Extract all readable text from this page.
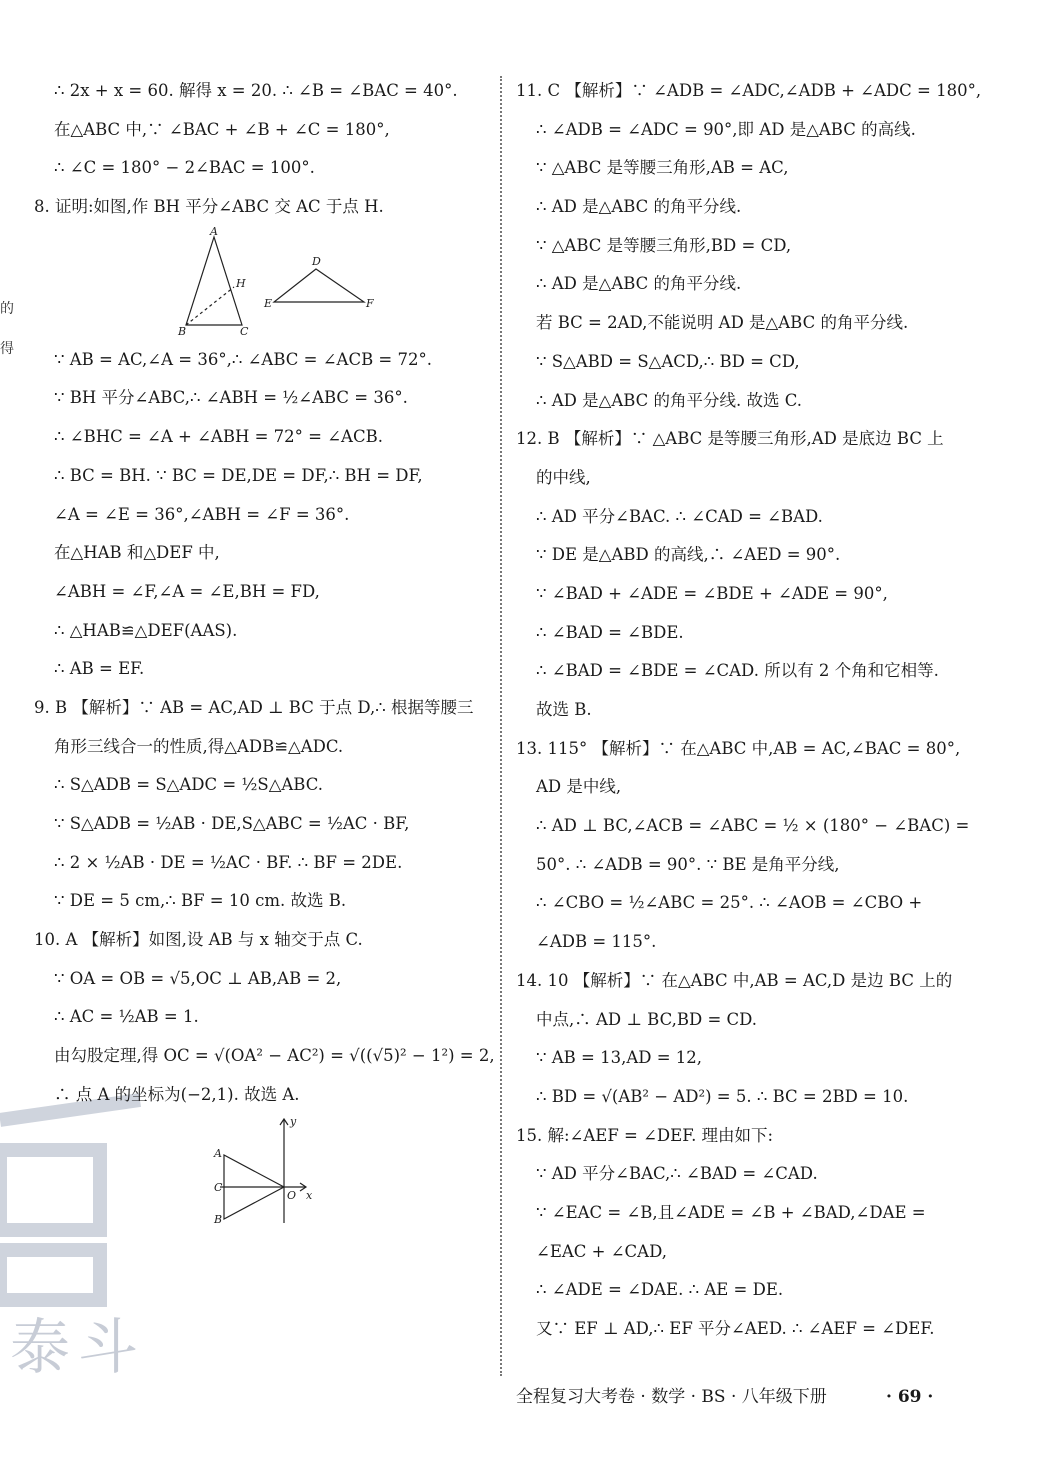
的
得
泰斗
∴ 2x + x = 60. 解得 x = 20. ∴ ∠B = ∠BAC = 40°.
在△ABC 中,∵ ∠BAC + ∠B + ∠C = 180°,
∴ ∠C = 180° − 2∠BAC = 100°.
8. 证明:如图,作 BH 平分∠ABC 交 AC 于点 H.
A
B	C
H
D
E	F
∵ AB = AC,∠A = 36°,∴ ∠ABC = ∠ACB = 72°.
∵ BH 平分∠ABC,∴ ∠ABH = ½∠ABC = 36°.
∴ ∠BHC = ∠A + ∠ABH = 72° = ∠ACB.
∴ BC = BH. ∵ BC = DE,DE = DF,∴ BH = DF,
∠A = ∠E = 36°,∠ABH = ∠F = 36°.
在△HAB 和△DEF 中,
∠ABH = ∠F,∠A = ∠E,BH = FD,
∴ △HAB≌△DEF(AAS).
∴ AB = EF.
9. B 【解析】∵ AB = AC,AD ⊥ BC 于点 D,∴ 根据等腰三
角形三线合一的性质,得△ADB≌△ADC.
∴ S△ADB = S△ADC = ½S△ABC.
∵ S△ADB = ½AB · DE,S△ABC = ½AC · BF,
∴ 2 × ½AB · DE = ½AC · BF. ∴ BF = 2DE.
∵ DE = 5 cm,∴ BF = 10 cm. 故选 B.
10. A 【解析】如图,设 AB 与 x 轴交于点 C.
∵ OA = OB = √5,OC ⊥ AB,AB = 2,
∴ AC = ½AB = 1.
由勾股定理,得 OC = √(OA² − AC²) = √((√5)² − 1²) = 2,
∴ 点 A 的坐标为(−2,1). 故选 A.
A
B
C
O x
y
11. C 【解析】∵ ∠ADB = ∠ADC,∠ADB + ∠ADC = 180°,
∴ ∠ADB = ∠ADC = 90°,即 AD 是△ABC 的高线.
∵ △ABC 是等腰三角形,AB = AC,
∴ AD 是△ABC 的角平分线.
∵ △ABC 是等腰三角形,BD = CD,
∴ AD 是△ABC 的角平分线.
若 BC = 2AD,不能说明 AD 是△ABC 的角平分线.
∵ S△ABD = S△ACD,∴ BD = CD,
∴ AD 是△ABC 的角平分线. 故选 C.
12. B 【解析】∵ △ABC 是等腰三角形,AD 是底边 BC 上
的中线,
∴ AD 平分∠BAC. ∴ ∠CAD = ∠BAD.
∵ DE 是△ABD 的高线,∴ ∠AED = 90°.
∵ ∠BAD + ∠ADE = ∠BDE + ∠ADE = 90°,
∴ ∠BAD = ∠BDE.
∴ ∠BAD = ∠BDE = ∠CAD. 所以有 2 个角和它相等.
故选 B.
13. 115° 【解析】∵ 在△ABC 中,AB = AC,∠BAC = 80°,
AD 是中线,
∴ AD ⊥ BC,∠ACB = ∠ABC = ½ × (180° − ∠BAC) =
50°. ∴ ∠ADB = 90°. ∵ BE 是角平分线,
∴ ∠CBO = ½∠ABC = 25°. ∴ ∠AOB = ∠CBO +
∠ADB = 115°.
14. 10 【解析】∵ 在△ABC 中,AB = AC,D 是边 BC 上的
中点,∴ AD ⊥ BC,BD = CD.
∵ AB = 13,AD = 12,
∴ BD = √(AB² − AD²) = 5. ∴ BC = 2BD = 10.
15. 解:∠AEF = ∠DEF. 理由如下:
∵ AD 平分∠BAC,∴ ∠BAD = ∠CAD.
∵ ∠EAC = ∠B,且∠ADE = ∠B + ∠BAD,∠DAE =
∠EAC + ∠CAD,
∴ ∠ADE = ∠DAE. ∴ AE = DE.
又∵ EF ⊥ AD,∴ EF 平分∠AED. ∴ ∠AEF = ∠DEF.
全程复习大考卷 · 数学 · BS · 八年级下册	· 69 ·
